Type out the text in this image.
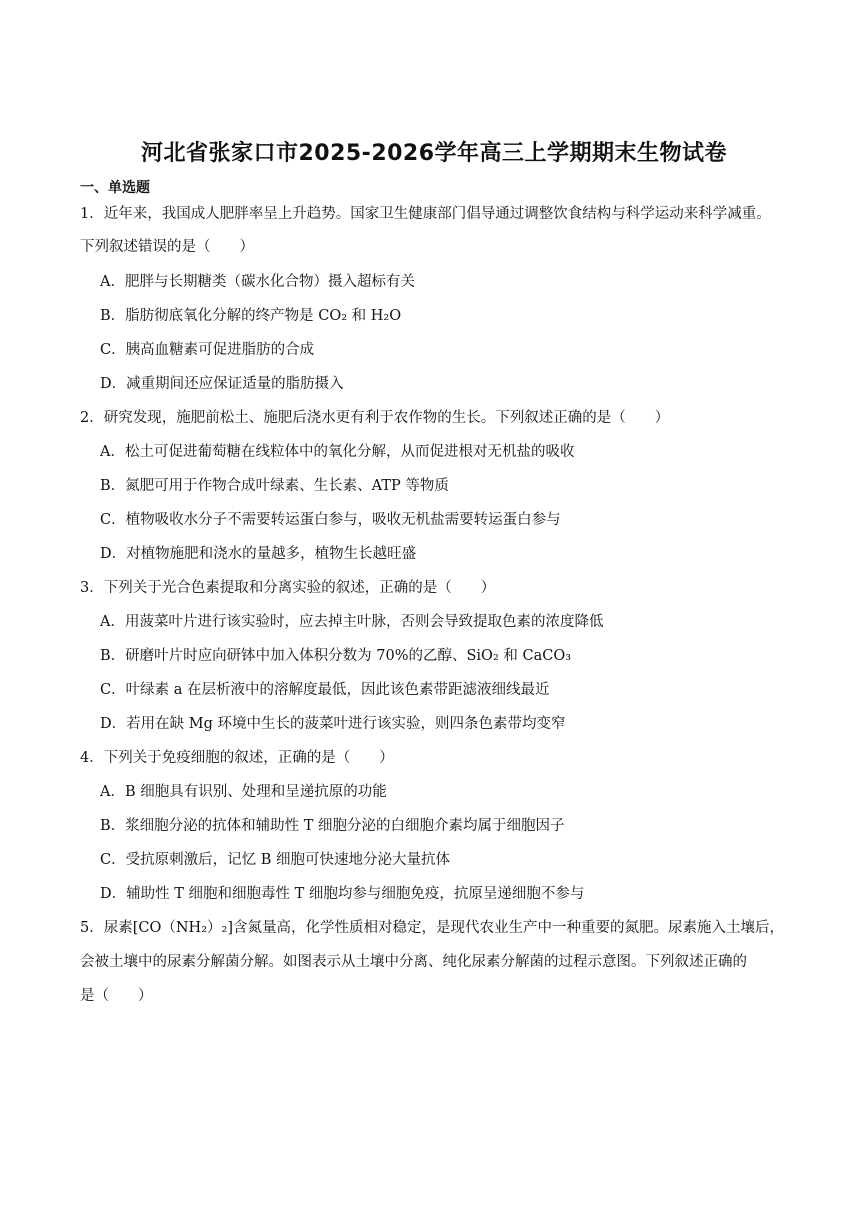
河北省张家口市2025-2026学年高三上学期期末生物试卷
一、单选题
1．近年来，我国成人肥胖率呈上升趋势。国家卫生健康部门倡导通过调整饮食结构与科学运动来科学减重。
下列叙述错误的是（　　）
A．肥胖与长期糖类（碳水化合物）摄入超标有关
B．脂肪彻底氧化分解的终产物是 CO₂ 和 H₂O
C．胰高血糖素可促进脂肪的合成
D．减重期间还应保证适量的脂肪摄入
2．研究发现，施肥前松土、施肥后浇水更有利于农作物的生长。下列叙述正确的是（　　）
A．松土可促进葡萄糖在线粒体中的氧化分解，从而促进根对无机盐的吸收
B．氮肥可用于作物合成叶绿素、生长素、ATP 等物质
C．植物吸收水分子不需要转运蛋白参与，吸收无机盐需要转运蛋白参与
D．对植物施肥和浇水的量越多，植物生长越旺盛
3．下列关于光合色素提取和分离实验的叙述，正确的是（　　）
A．用菠菜叶片进行该实验时，应去掉主叶脉，否则会导致提取色素的浓度降低
B．研磨叶片时应向研钵中加入体积分数为 70%的乙醇、SiO₂ 和 CaCO₃
C．叶绿素 a 在层析液中的溶解度最低，因此该色素带距滤液细线最近
D．若用在缺 Mg 环境中生长的菠菜叶进行该实验，则四条色素带均变窄
4．下列关于免疫细胞的叙述，正确的是（　　）
A．B 细胞具有识别、处理和呈递抗原的功能
B．浆细胞分泌的抗体和辅助性 T 细胞分泌的白细胞介素均属于细胞因子
C．受抗原刺激后，记忆 B 细胞可快速地分泌大量抗体
D．辅助性 T 细胞和细胞毒性 T 细胞均参与细胞免疫，抗原呈递细胞不参与
5．尿素[CO（NH₂）₂]含氮量高，化学性质相对稳定，是现代农业生产中一种重要的氮肥。尿素施入土壤后，
会被土壤中的尿素分解菌分解。如图表示从土壤中分离、纯化尿素分解菌的过程示意图。下列叙述正确的
是（　　）
